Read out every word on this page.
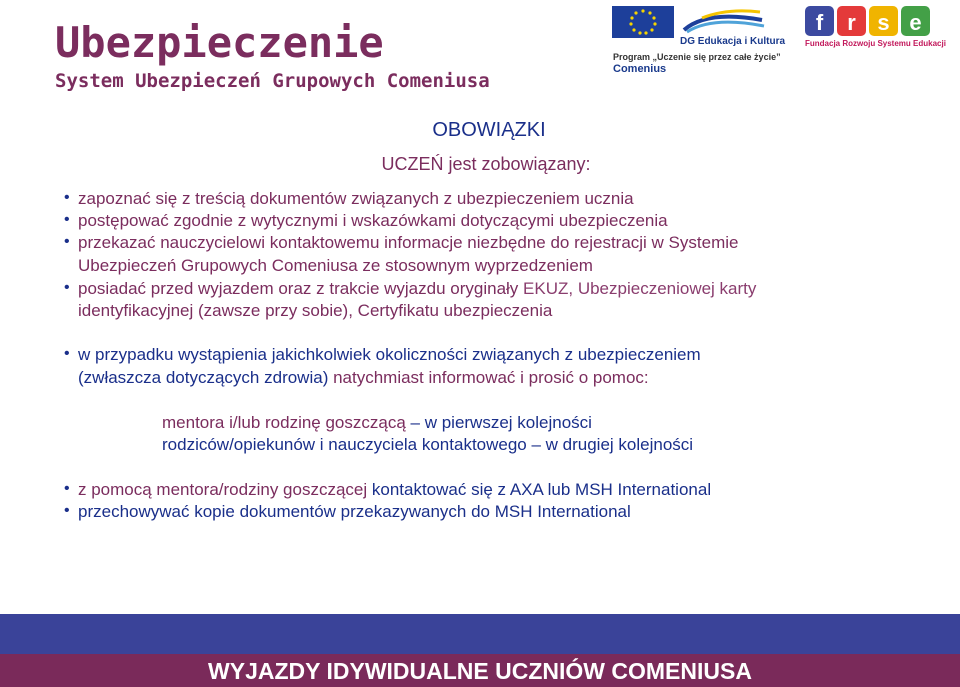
Ubezpieczenie
System Ubezpieczeń Grupowych Comeniusa
DG Edukacja i Kultura
Program „Uczenie się przez całe życie”
Comenius
f r s e
Fundacja Rozwoju Systemu Edukacji
OBOWIĄZKI
UCZEŃ jest zobowiązany:
• zapoznać się z treścią dokumentów związanych z ubezpieczeniem ucznia
• postępować zgodnie z wytycznymi i wskazówkami dotyczącymi ubezpieczenia
• przekazać nauczycielowi kontaktowemu informacje niezbędne do rejestracji w Systemie
Ubezpieczeń Grupowych Comeniusa ze stosownym wyprzedzeniem
• posiadać przed wyjazdem oraz z trakcie wyjazdu oryginały EKUZ, Ubezpieczeniowej karty
identyfikacyjnej (zawsze przy sobie), Certyfikatu ubezpieczenia
• w przypadku wystąpienia jakichkolwiek okoliczności związanych z ubezpieczeniem
(zwłaszcza dotyczących zdrowia) natychmiast informować i prosić o pomoc:
mentora i/lub rodzinę goszczącą – w pierwszej kolejności
rodziców/opiekunów i nauczyciela kontaktowego – w drugiej kolejności
• z pomocą mentora/rodziny goszczącej kontaktować się z AXA lub MSH International
• przechowywać kopie dokumentów przekazywanych do MSH International
WYJAZDY IDYWIDUALNE UCZNIÓW COMENIUSA
